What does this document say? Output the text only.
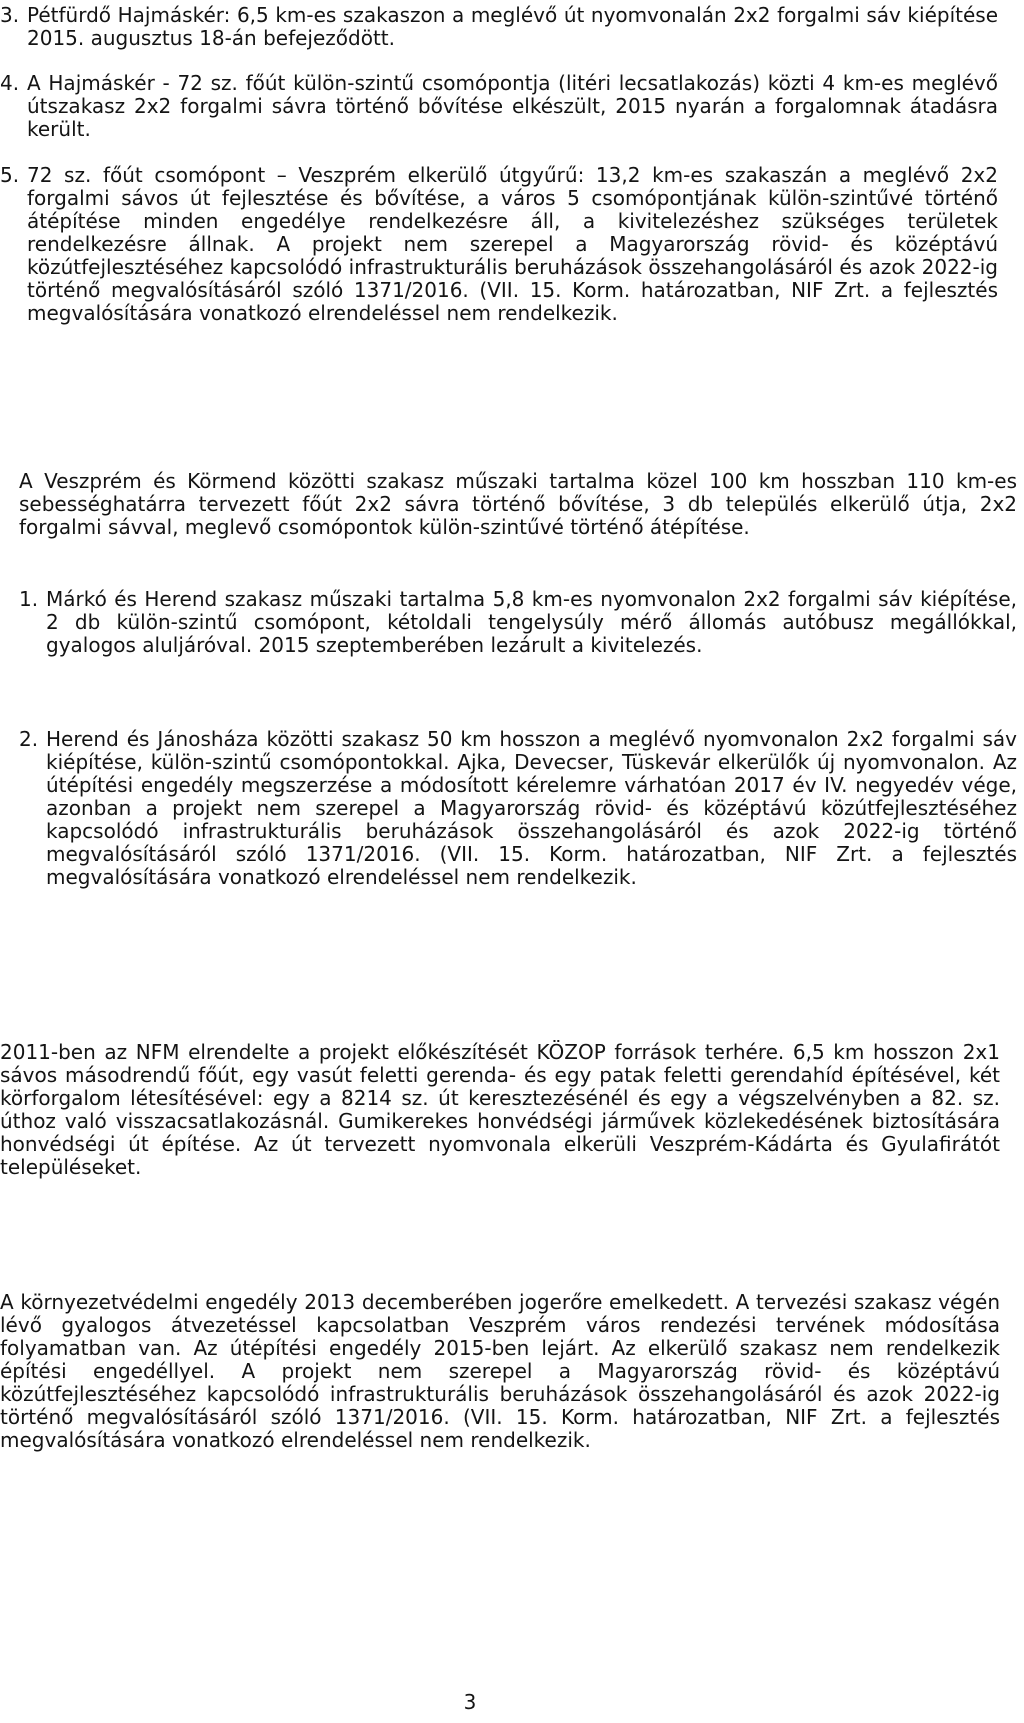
3. Pétfürdő Hajmáskér: 6,5 km-es szakaszon a meglévő út nyomvonalán 2x2 forgalmi sáv kiépítése 2015. augusztus 18-án befejeződött.
4. A Hajmáskér - 72 sz. főút külön-szintű csomópontja (litéri lecsatlakozás) közti 4 km-es meglévő útszakasz 2x2 forgalmi sávra történő bővítése elkészült, 2015 nyarán a forgalomnak átadásra került.
5. 72 sz. főút csomópont – Veszprém elkerülő útgyűrű: 13,2 km-es szakaszán a meglévő 2x2 forgalmi sávos út fejlesztése és bővítése, a város 5 csomópontjának külön-szintűvé történő átépítése minden engedélye rendelkezésre áll, a kivitelezéshez szükséges területek rendelkezésre állnak. A projekt nem szerepel a Magyarország rövid- és középtávú közútfejlesztéséhez kapcsolódó infrastrukturális beruházások összehangolásáról és azok 2022-ig történő megvalósításáról szóló 1371/2016. (VII. 15. Korm. határozatban, NIF Zrt. a fejlesztés megvalósítására vonatkozó elrendeléssel nem rendelkezik.

A Veszprém és Körmend közötti szakasz műszaki tartalma közel 100 km hosszban 110 km-es sebességhatárra tervezett főút 2x2 sávra történő bővítése, 3 db település elkerülő útja, 2x2 forgalmi sávval, meglevő csomópontok külön-szintűvé történő átépítése.

1. Márkó és Herend szakasz műszaki tartalma 5,8 km-es nyomvonalon 2x2 forgalmi sáv kiépítése, 2 db külön-szintű csomópont, kétoldali tengelysúly mérő állomás autóbusz megállókkal, gyalogos aluljáróval. 2015 szeptemberében lezárult a kivitelezés.
2. Herend és Jánosháza közötti szakasz 50 km hosszon a meglévő nyomvonalon 2x2 forgalmi sáv kiépítése, külön-szintű csomópontokkal. Ajka, Devecser, Tüskevár elkerülők új nyomvonalon. Az útépítési engedély megszerzése a módosított kérelemre várhatóan 2017 év IV. negyedév vége, azonban a projekt nem szerepel a Magyarország rövid- és középtávú közútfejlesztéséhez kapcsolódó infrastrukturális beruházások összehangolásáról és azok 2022-ig történő megvalósításáról szóló 1371/2016. (VII. 15. Korm. határozatban, NIF Zrt. a fejlesztés megvalósítására vonatkozó elrendeléssel nem rendelkezik.

2011-ben az NFM elrendelte a projekt előkészítését KÖZOP források terhére. 6,5 km hosszon 2x1 sávos másodrendű főút, egy vasút feletti gerenda- és egy patak feletti gerendahíd építésével, két körforgalom létesítésével: egy a 8214 sz. út keresztezésénél és egy a végszelvényben a 82. sz. úthoz való visszacsatlakozásnál. Gumikerekes honvédségi járművek közlekedésének biztosítására honvédségi út építése. Az út tervezett nyomvonala elkerüli Veszprém-Kádárta és Gyulafirátót településeket.

A környezetvédelmi engedély 2013 decemberében jogerőre emelkedett. A tervezési szakasz végén lévő gyalogos átvezetéssel kapcsolatban Veszprém város rendezési tervének módosítása folyamatban van. Az útépítési engedély 2015-ben lejárt. Az elkerülő szakasz nem rendelkezik építési engedéllyel. A projekt nem szerepel a Magyarország rövid- és középtávú közútfejlesztéséhez kapcsolódó infrastrukturális beruházások összehangolásáról és azok 2022-ig történő megvalósításáról szóló 1371/2016. (VII. 15. Korm. határozatban, NIF Zrt. a fejlesztés megvalósítására vonatkozó elrendeléssel nem rendelkezik.

3
